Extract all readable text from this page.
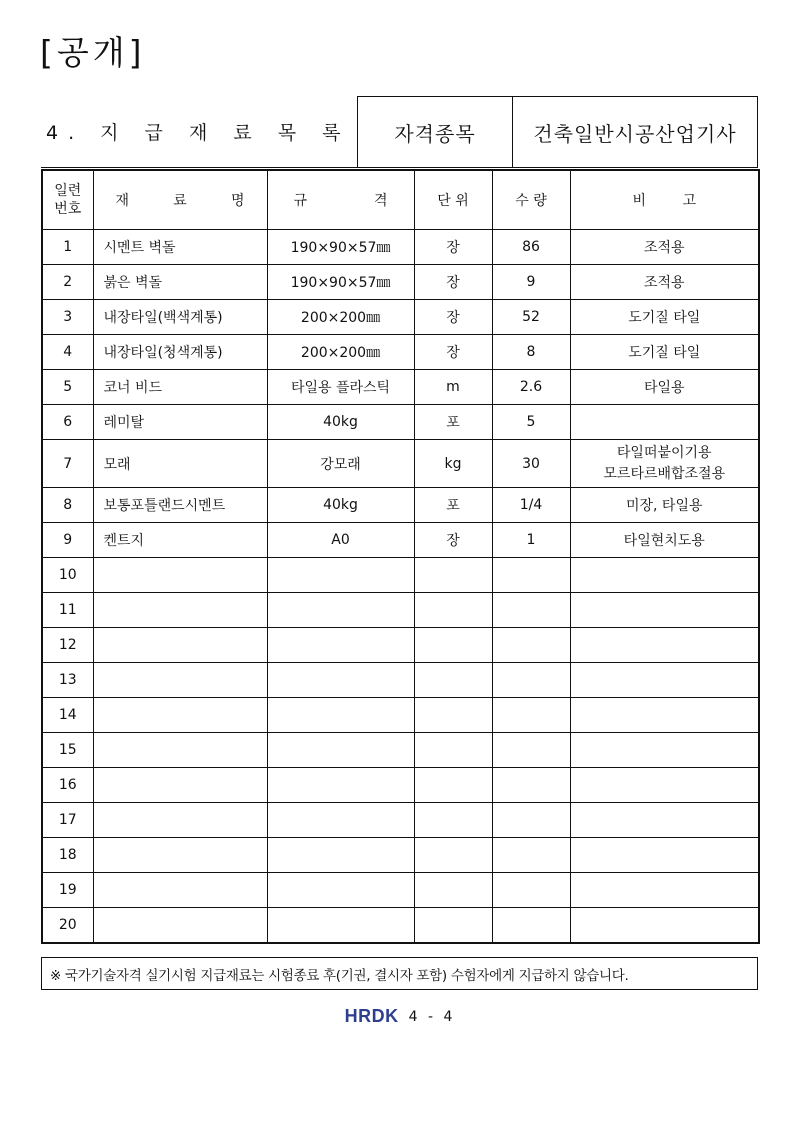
[공개]
4. 지 급 재 료 목 록	자격종목	건축일반시공산업기사
일련
번호	재 료 명	규 격	단 위	수 량	비 고

1	시멘트 벽돌	190×90×57㎜	장	86	조적용
2	붉은 벽돌	190×90×57㎜	장	9	조적용
3	내장타일(백색계통)	200×200㎜	장	52	도기질 타일
4	내장타일(청색계통)	200×200㎜	장	8	도기질 타일
5	코너 비드	타일용 플라스틱	m	2.6	타일용
6	레미탈	40kg	포	5	
7	모래	강모래	kg	30	타일떠붙이기용
모르타르배합조절용

8	보통포틀랜드시멘트	40kg	포	1/4	미장, 타일용
9	켄트지	A0	장	1	타일현치도용
10					
11					
12					
13					
14					
15					
16					
17					
18					
19					
20					
※ 국가기술자격 실기시험 지급재료는 시험종료 후(기권, 결시자 포함) 수험자에게 지급하지 않습니다.
HRDK 4 - 4
